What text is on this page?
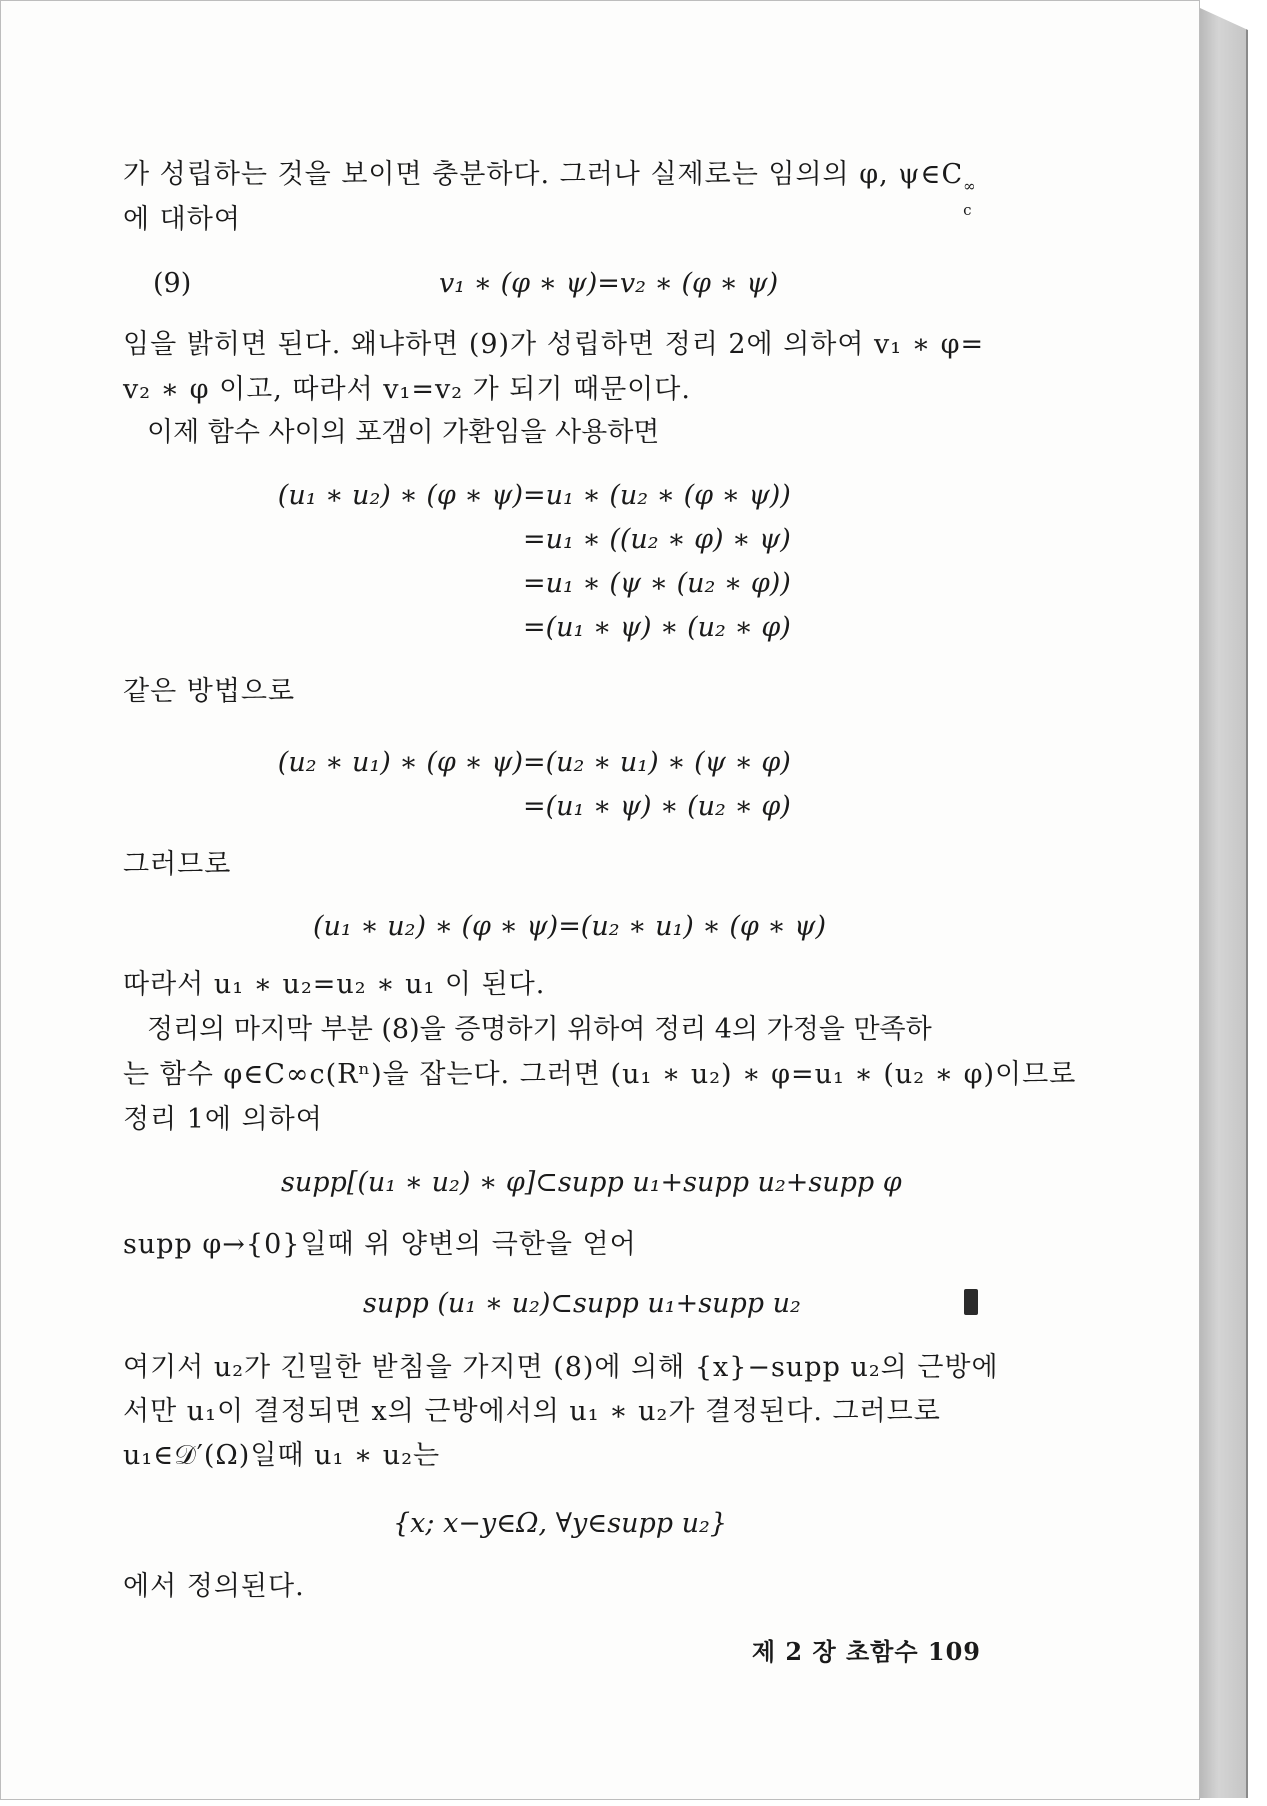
가 성립하는 것을 보이면 충분하다. 그러나 실제로는 임의의 φ, ψ∈C ∞
c

에 대하여

(9)	v₁ ∗ (φ ∗ ψ)=v₂ ∗ (φ ∗ ψ)

임을 밝히면 된다. 왜냐하면 (9)가 성립하면 정리 2에 의하여 v₁ ∗ φ=

v₂ ∗ φ 이고, 따라서 v₁=v₂ 가 되기 때문이다.

이제 함수 사이의 포갬이 가환임을 사용하면

(u₁ ∗ u₂) ∗ (φ ∗ ψ) =u₁ ∗ (u₂ ∗ (φ ∗ ψ))

=u₁ ∗ ((u₂ ∗ φ) ∗ ψ)

=u₁ ∗ (ψ ∗ (u₂ ∗ φ))

=(u₁ ∗ ψ) ∗ (u₂ ∗ φ)

같은 방법으로

(u₂ ∗ u₁) ∗ (φ ∗ ψ) =(u₂ ∗ u₁) ∗ (ψ ∗ φ)

=(u₁ ∗ ψ) ∗ (u₂ ∗ φ)

그러므로

(u₁ ∗ u₂) ∗ (φ ∗ ψ)=(u₂ ∗ u₁) ∗ (φ ∗ ψ)

따라서 u₁ ∗ u₂=u₂ ∗ u₁ 이 된다.

정리의 마지막 부분 (8)을 증명하기 위하여 정리 4의 가정을 만족하

는 함수 φ∈C∞c(Rⁿ)을 잡는다. 그러면 (u₁ ∗ u₂) ∗ φ=u₁ ∗ (u₂ ∗ φ)이므로

정리 1에 의하여

supp[(u₁ ∗ u₂) ∗ φ]⊂supp u₁+supp u₂+supp φ

supp φ→{0}일때 위 양변의 극한을 얻어

supp (u₁ ∗ u₂)⊂supp u₁+supp u₂

여기서 u₂가 긴밀한 받침을 가지면 (8)에 의해 {x}−supp u₂의 근방에

서만 u₁이 결정되면 x의 근방에서의 u₁ ∗ u₂가 결정된다. 그러므로

u₁∈𝒟′(Ω)일때 u₁ ∗ u₂는

{x; x−y∈Ω, ∀y∈supp u₂}

에서 정의된다.

제 2 장 초함수 109
